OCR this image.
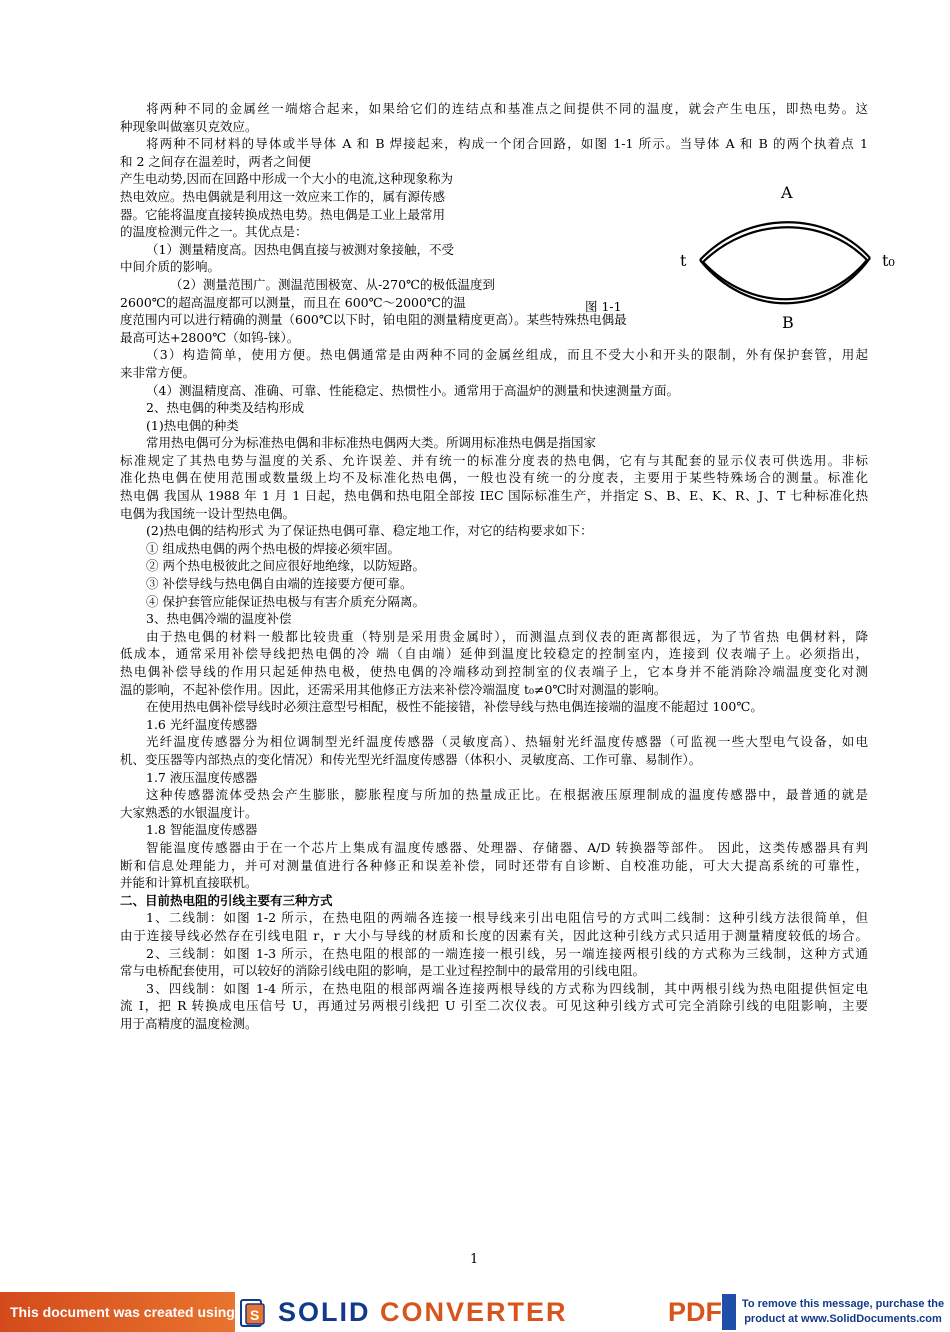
将两种不同的金属丝一端熔合起来，如果给它们的连结点和基准点之间提供不同的温度，就会产生电压，即热电势。这
种现象叫做塞贝克效应。
将两种不同材料的导体或半导体 A 和 B 焊接起来，构成一个闭合回路，如图 1-1 所示。当导体 A 和 B 的两个执着点 1
和 2 之间存在温差时，两者之间便
产生电动势,因而在回路中形成一个大小的电流,这种现象称为
热电效应。热电偶就是利用这一效应来工作的，属有源传感
器。它能将温度直接转换成热电势。热电偶是工业上最常用
的温度检测元件之一。其优点是：
（1）测量精度高。因热电偶直接与被测对象接触，不受
中间介质的影响。
（2）测量范围广。测温范围极宽、从-270℃的极低温度到
2600℃的超高温度都可以测量，而且在 600℃～2000℃的温
度范围内可以进行精确的测量（600℃以下时，铂电阻的测量精度更高）。某些特殊热电偶最
最高可达+2800℃（如钨-铼）。
（3）构造简单，使用方便。热电偶通常是由两种不同的金属丝组成，而且不受大小和开头的限制，外有保护套管，用起
来非常方便。
（4）测温精度高、准确、可靠、性能稳定、热惯性小。通常用于高温炉的测量和快速测量方面。
2、热电偶的种类及结构形成
(1)热电偶的种类
常用热电偶可分为标准热电偶和非标准热电偶两大类。所调用标准热电偶是指国家
标准规定了其热电势与温度的关系、允许误差、并有统一的标准分度表的热电偶，它有与其配套的显示仪表可供选用。非标
准化热电偶在使用范围或数量级上均不及标准化热电偶，一般也没有统一的分度表，主要用于某些特殊场合的测量。标准化
热电偶 我国从 1988 年 1 月 1 日起，热电偶和热电阻全部按 IEC 国际标准生产，并指定 S、B、E、K、R、J、T 七种标准化热
电偶为我国统一设计型热电偶。
(2)热电偶的结构形式 为了保证热电偶可靠、稳定地工作，对它的结构要求如下：
① 组成热电偶的两个热电极的焊接必须牢固。
② 两个热电极彼此之间应很好地绝缘，以防短路。
③ 补偿导线与热电偶自由端的连接要方便可靠。
④ 保护套管应能保证热电极与有害介质充分隔离。
3、热电偶冷端的温度补偿
由于热电偶的材料一般都比较贵重（特别是采用贵金属时），而测温点到仪表的距离都很远，为了节省热 电偶材料，降
低成本，通常采用补偿导线把热电偶的冷 端（自由端）延伸到温度比较稳定的控制室内，连接到 仪表端子上。必须指出，
热电偶补偿导线的作用只起延伸热电极，使热电偶的冷端移动到控制室的仪表端子上，它本身并不能消除冷端温度变化对测
温的影响，不起补偿作用。因此，还需采用其他修正方法来补偿冷端温度 t₀≠0℃时对测温的影响。
在使用热电偶补偿导线时必须注意型号相配，极性不能接错，补偿导线与热电偶连接端的温度不能超过 100℃。
1.6 光纤温度传感器
光纤温度传感器分为相位调制型光纤温度传感器（灵敏度高）、热辐射光纤温度传感器（可监视一些大型电气设备，如电
机、变压器等内部热点的变化情况）和传光型光纤温度传感器（体积小、灵敏度高、工作可靠、易制作）。
1.7 液压温度传感器
这种传感器流体受热会产生膨胀，膨胀程度与所加的热量成正比。在根据液压原理制成的温度传感器中，最普通的就是
大家熟悉的水银温度计。
1.8 智能温度传感器
智能温度传感器由于在一个芯片上集成有温度传感器、处理器、存储器、A/D 转换器等部件。 因此，这类传感器具有判
断和信息处理能力，并可对测量值进行各种修正和误差补偿，同时还带有自诊断、自校准功能，可大大提高系统的可靠性，
并能和计算机直接联机。
二、目前热电阻的引线主要有三种方式
1、二线制：如图 1-2 所示，在热电阻的两端各连接一根导线来引出电阻信号的方式叫二线制：这种引线方法很简单，但
由于连接导线必然存在引线电阻 r，r 大小与导线的材质和长度的因素有关，因此这种引线方式只适用于测量精度较低的场合。
2、三线制：如图 1-3 所示，在热电阻的根部的一端连接一根引线，另一端连接两根引线的方式称为三线制，这种方式通
常与电桥配套使用，可以较好的消除引线电阻的影响，是工业过程控制中的最常用的引线电阻。
3、四线制：如图 1-4 所示，在热电阻的根部两端各连接两根导线的方式称为四线制，其中两根引线为热电阻提供恒定电
流 I，把 R 转换成电压信号 U，再通过另两根引线把 U 引至二次仪表。可见这种引线方式可完全消除引线的电阻影响，主要
用于高精度的温度检测。
A
B
t	t₀
图 1-1
1
This document was created using S SOLID CONVERTER	PDF	To remove this message, purchase the
product at www.SolidDocuments.com
